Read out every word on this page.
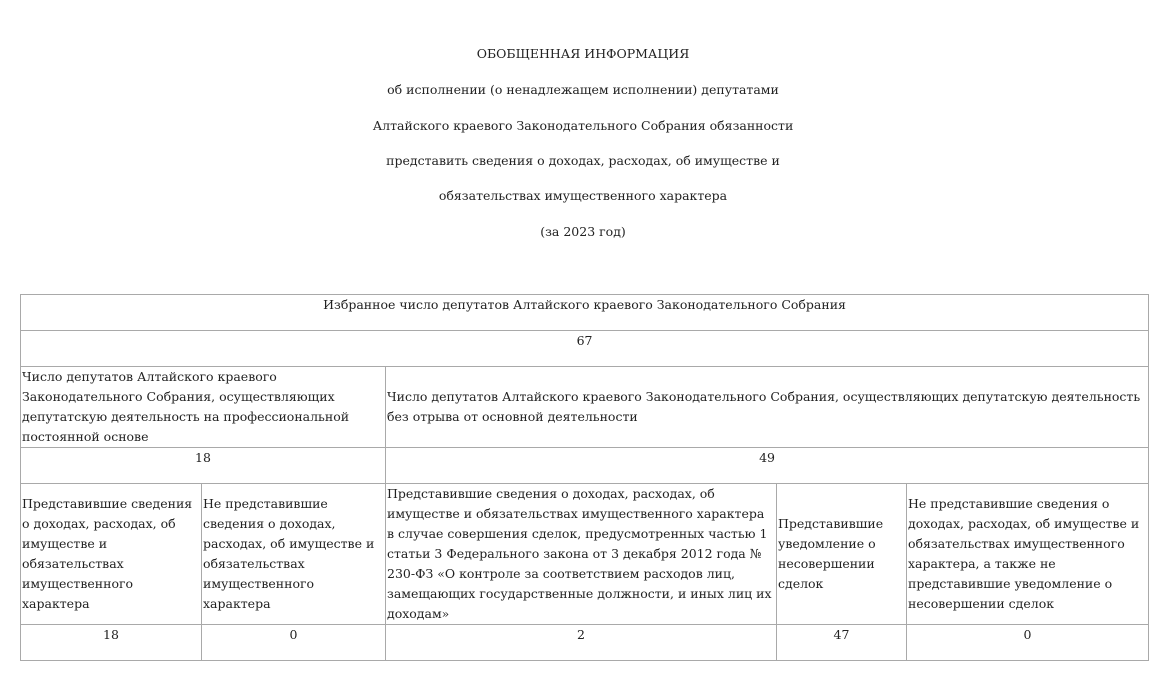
ОБОБЩЕННАЯ ИНФОРМАЦИЯ
об исполнении (о ненадлежащем исполнении) депутатами
Алтайского краевого Законодательного Собрания обязанности
представить сведения о доходах, расходах, об имуществе и
обязательствах имущественного характера
(за 2023 год)
Избранное число депутатов Алтайского краевого Законодательного Собрания				
67				
Число депутатов Алтайского краевого Законодательного Собрания, осуществляющих депутатскую деятельность на профессиональной постоянной основе		Число депутатов Алтайского краевого Законодательного Собрания, осуществляющих депутатскую деятельность без отрыва от основной деятельности		
18		49		
Представившие сведения о доходах, расходах, об имуществе и обязательствах имущественного характера	Не представившие сведения о доходах, расходах, об имуществе и обязательствах имущественного характера	Представившие сведения о доходах, расходах, об имуществе и обязательствах имущественного характера в случае совершения сделок, предусмотренных частью 1 статьи 3 Федерального закона от 3 декабря 2012 года № 230-ФЗ «О контроле за соответствием расходов лиц, замещающих государственные должности, и иных лиц их доходам»	Представившие уведомление о несовершении сделок	Не представившие сведения о доходах, расходах, об имуществе и обязательствах имущественного характера, а также не представившие уведомление о несовершении сделок
18	0	2	47	0
